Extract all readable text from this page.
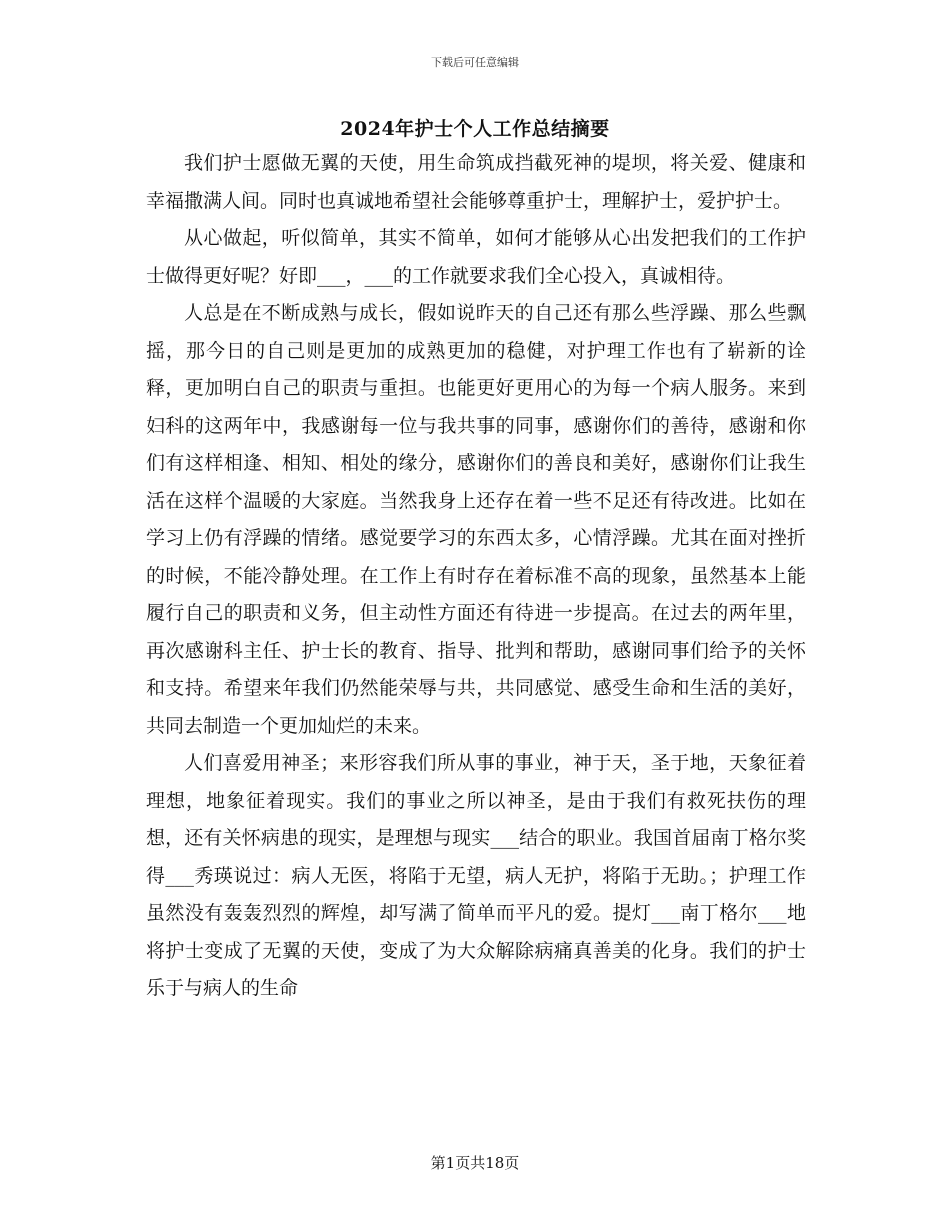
下载后可任意编辑
2024年护士个人工作总结摘要

我们护士愿做无翼的天使，用生命筑成挡截死神的堤坝，将关爱、健康和幸福撒满人间。同时也真诚地希望社会能够尊重护士，理解护士，爱护护士。

从心做起，听似简单，其实不简单，如何才能够从心出发把我们的工作护士做得更好呢？好即___，___的工作就要求我们全心投入，真诚相待。

人总是在不断成熟与成长，假如说昨天的自己还有那么些浮躁、那么些飘摇，那今日的自己则是更加的成熟更加的稳健，对护理工作也有了崭新的诠释，更加明白自己的职责与重担。也能更好更用心的为每一个病人服务。来到妇科的这两年中，我感谢每一位与我共事的同事，感谢你们的善待，感谢和你们有这样相逢、相知、相处的缘分，感谢你们的善良和美好，感谢你们让我生活在这样个温暖的大家庭。当然我身上还存在着一些不足还有待改进。比如在学习上仍有浮躁的情绪。感觉要学习的东西太多，心情浮躁。尤其在面对挫折的时候，不能冷静处理。在工作上有时存在着标准不高的现象，虽然基本上能履行自己的职责和义务，但主动性方面还有待进一步提高。在过去的两年里，再次感谢科主任、护士长的教育、指导、批判和帮助，感谢同事们给予的关怀和支持。希望来年我们仍然能荣辱与共，共同感觉、感受生命和生活的美好，共同去制造一个更加灿烂的未来。

人们喜爱用神圣；来形容我们所从事的事业，神于天，圣于地，天象征着理想，地象征着现实。我们的事业之所以神圣，是由于我们有救死扶伤的理想，还有关怀病患的现实，是理想与现实___结合的职业。我国首届南丁格尔奖得___秀瑛说过：病人无医，将陷于无望，病人无护，将陷于无助。；护理工作虽然没有轰轰烈烈的辉煌，却写满了简单而平凡的爱。提灯___南丁格尔___地将护士变成了无翼的天使，变成了为大众解除病痛真善美的化身。我们的护士乐于与病人的生命

第1页共18页
